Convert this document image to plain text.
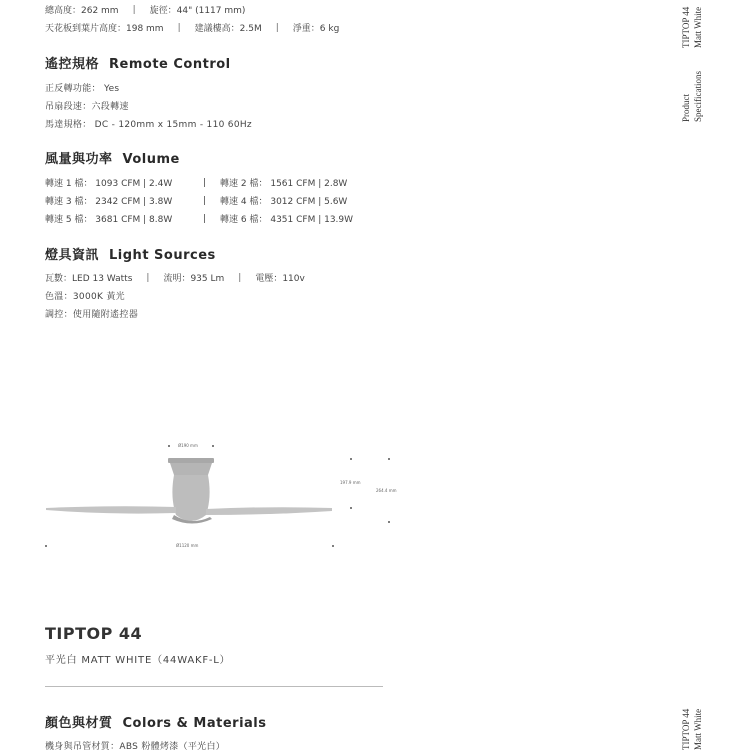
總高度：262 mm | 旋徑：44" (1117 mm)
天花板到葉片高度：198 mm | 建議樓高：2.5M | 淨重：6 kg
遙控規格 Remote Control
正反轉功能： Yes
吊扇段速：六段轉速
馬達規格： DC - 120mm x 15mm - 110 60Hz
風量與功率 Volume
轉速 1 檔： 1093 CFM | 2.4W	| 轉速 2 檔： 1561 CFM | 2.8W
轉速 3 檔： 2342 CFM | 3.8W	| 轉速 4 檔： 3012 CFM | 5.6W
轉速 5 檔： 3681 CFM | 8.8W	| 轉速 6 檔： 4351 CFM | 13.9W
燈具資訊 Light Sources
瓦數：LED 13 Watts | 流明：935 Lm | 電壓：110v
色溫：3000K 黃光
調控：使用隨附遙控器
Ø190 mm
197.9 mm
264.4 mm
Ø1120 mm
TIPTOP 44
平光白 MATT WHITE（44WAKF-L）
顏色與材質 Colors & Materials
機身與吊管材質：ABS 粉體烤漆（平光白）
TIPTOP 44 Matt White
Product Specifications
TIPTOP 44 Matt White
